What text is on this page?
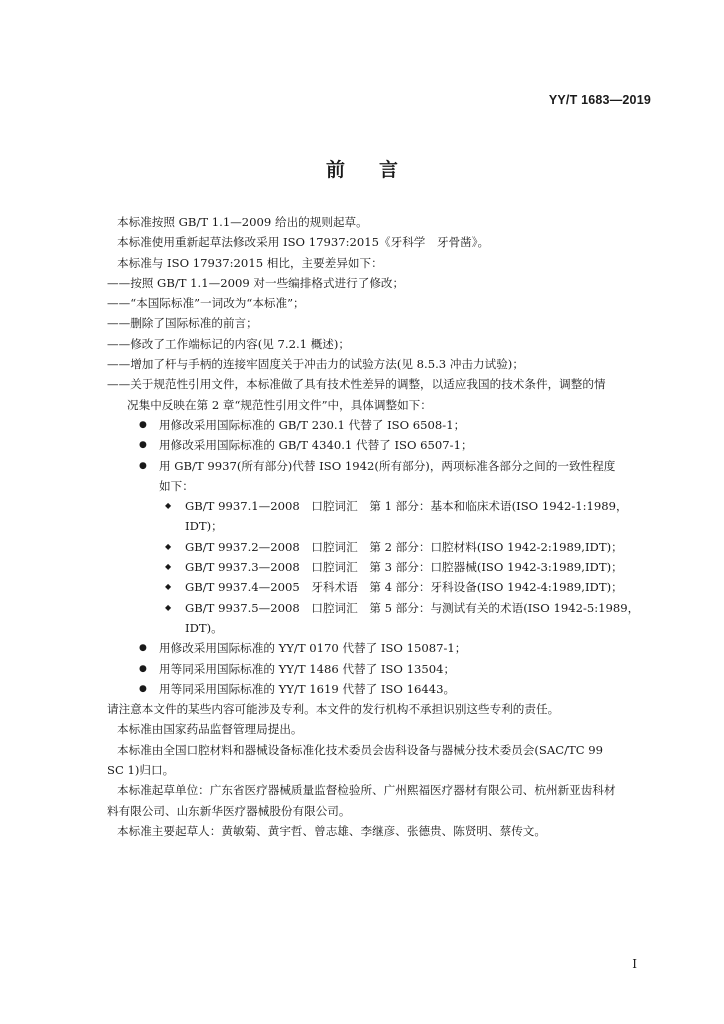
YY/T 1683—2019
前言

本标准按照 GB/T 1.1—2009 给出的规则起草。

本标准使用重新起草法修改采用 ISO 17937:2015《牙科学　牙骨凿》。

本标准与 ISO 17937:2015 相比，主要差异如下：

——按照 GB/T 1.1—2009 对一些编排格式进行了修改；

——“本国际标准”一词改为“本标准”；

——删除了国际标准的前言；

——修改了工作端标记的内容(见 7.2.1 概述)；

——增加了杆与手柄的连接牢固度关于冲击力的试验方法(见 8.5.3 冲击力试验)；

——关于规范性引用文件，本标准做了具有技术性差异的调整，以适应我国的技术条件，调整的情

况集中反映在第 2 章“规范性引用文件”中，具体调整如下：

● 用修改采用国际标准的 GB/T 230.1 代替了 ISO 6508-1；

● 用修改采用国际标准的 GB/T 4340.1 代替了 ISO 6507-1；

● 用 GB/T 9937(所有部分)代替 ISO 1942(所有部分)，两项标准各部分之间的一致性程度

如下：

◆ GB/T 9937.1—2008　口腔词汇　第 1 部分：基本和临床术语(ISO 1942-1:1989，

IDT)；

◆ GB/T 9937.2—2008　口腔词汇　第 2 部分：口腔材料(ISO 1942-2:1989,IDT)；

◆ GB/T 9937.3—2008　口腔词汇　第 3 部分：口腔器械(ISO 1942-3:1989,IDT)；

◆ GB/T 9937.4—2005　牙科术语　第 4 部分：牙科设备(ISO 1942-4:1989,IDT)；

◆ GB/T 9937.5—2008　口腔词汇　第 5 部分：与测试有关的术语(ISO 1942-5:1989，

IDT)。

● 用修改采用国际标准的 YY/T 0170 代替了 ISO 15087-1；

● 用等同采用国际标准的 YY/T 1486 代替了 ISO 13504；

● 用等同采用国际标准的 YY/T 1619 代替了 ISO 16443。

请注意本文件的某些内容可能涉及专利。本文件的发行机构不承担识别这些专利的责任。

本标准由国家药品监督管理局提出。

本标准由全国口腔材料和器械设备标准化技术委员会齿科设备与器械分技术委员会(SAC/TC 99

SC 1)归口。

本标准起草单位：广东省医疗器械质量监督检验所、广州熙福医疗器材有限公司、杭州新亚齿科材

料有限公司、山东新华医疗器械股份有限公司。

本标准主要起草人：黄敏菊、黄宇哲、曾志雄、李继彦、张德贵、陈贤明、蔡传文。

I
